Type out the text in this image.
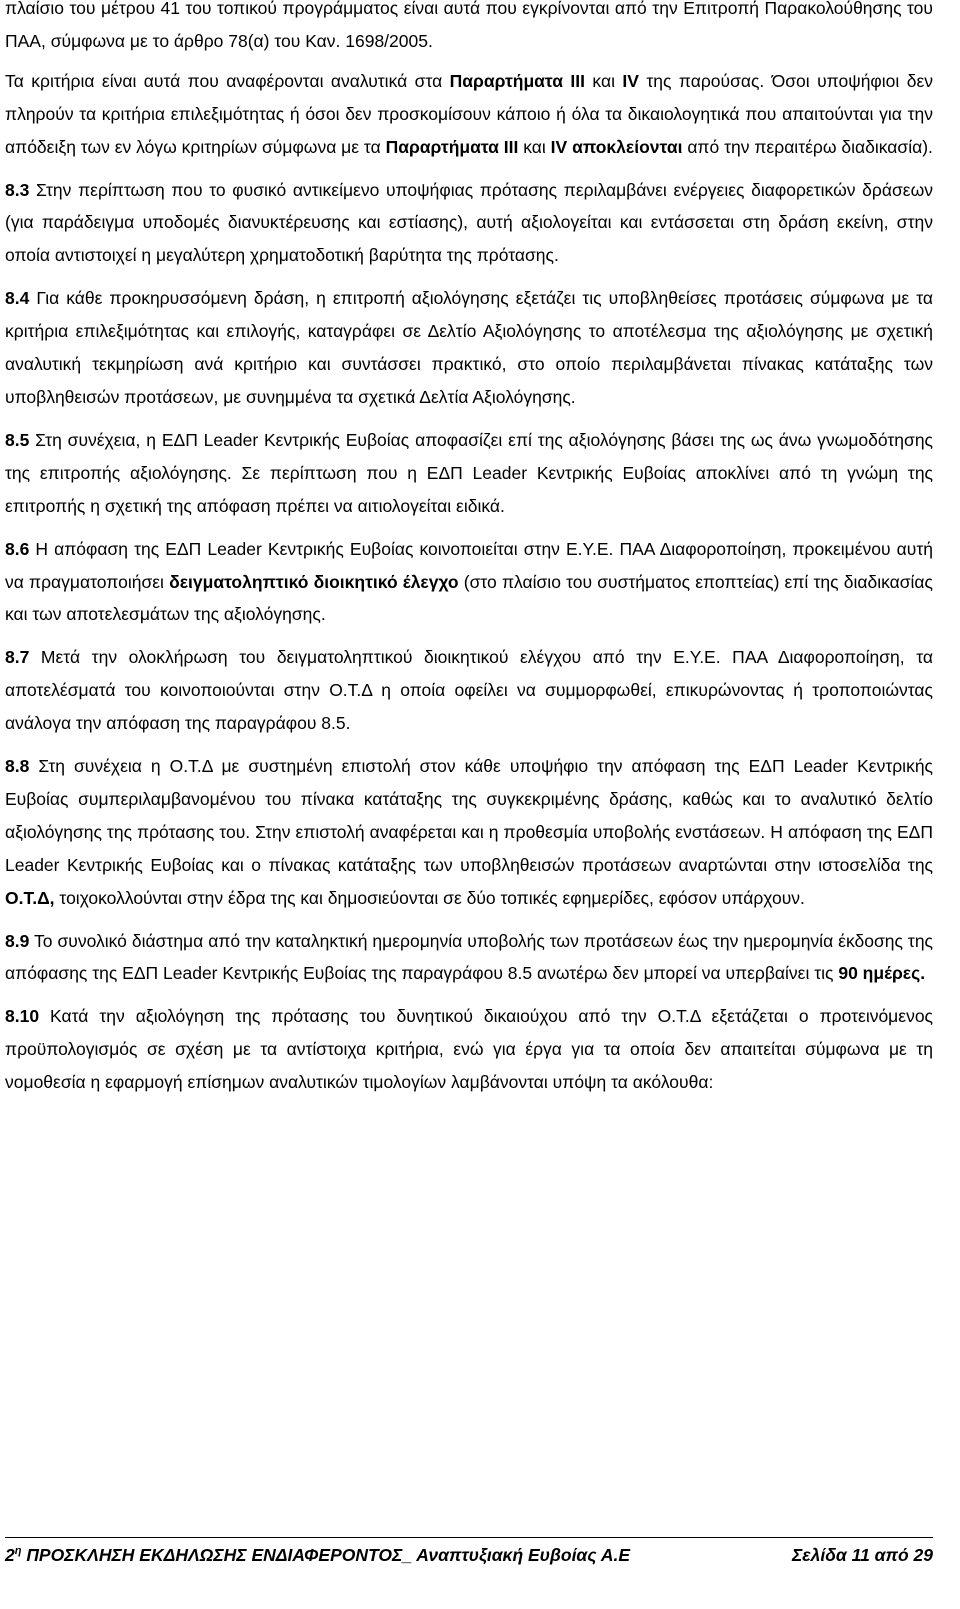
πλαίσιο του μέτρου 41 του τοπικού προγράμματος είναι αυτά που εγκρίνονται από την Επιτροπή Παρακολούθησης του ΠΑΑ, σύμφωνα με το άρθρο 78(α) του Καν. 1698/2005.

Τα κριτήρια είναι αυτά που αναφέρονται αναλυτικά στα Παραρτήματα ΙΙΙ και IV της παρούσας. Όσοι υποψήφιοι δεν πληρούν τα κριτήρια επιλεξιμότητας ή όσοι δεν προσκομίσουν κάποιο ή όλα τα δικαιολογητικά που απαιτούνται για την απόδειξη των εν λόγω κριτηρίων σύμφωνα με τα Παραρτήματα ΙΙΙ και IV αποκλείονται από την περαιτέρω διαδικασία).

8.3 Στην περίπτωση που το φυσικό αντικείμενο υποψήφιας πρότασης περιλαμβάνει ενέργειες διαφορετικών δράσεων (για παράδειγμα υποδομές διανυκτέρευσης και εστίασης), αυτή αξιολογείται και εντάσσεται στη δράση εκείνη, στην οποία αντιστοιχεί η μεγαλύτερη χρηματοδοτική βαρύτητα της πρότασης.

8.4 Για κάθε προκηρυσσόμενη δράση, η επιτροπή αξιολόγησης εξετάζει τις υποβληθείσες προτάσεις σύμφωνα με τα κριτήρια επιλεξιμότητας και επιλογής, καταγράφει σε Δελτίο Αξιολόγησης το αποτέλεσμα της αξιολόγησης με σχετική αναλυτική τεκμηρίωση ανά κριτήριο και συντάσσει πρακτικό, στο οποίο περιλαμβάνεται πίνακας κατάταξης των υποβληθεισών προτάσεων, με συνημμένα τα σχετικά Δελτία Αξιολόγησης.

8.5 Στη συνέχεια, η ΕΔΠ Leader Κεντρικής Ευβοίας αποφασίζει επί της αξιολόγησης βάσει της ως άνω γνωμοδότησης της επιτροπής αξιολόγησης. Σε περίπτωση που η ΕΔΠ Leader Κεντρικής Ευβοίας αποκλίνει από τη γνώμη της επιτροπής η σχετική της απόφαση πρέπει να αιτιολογείται ειδικά.

8.6 Η απόφαση της ΕΔΠ Leader Κεντρικής Ευβοίας κοινοποιείται στην Ε.Υ.Ε. ΠΑΑ Διαφοροποίηση, προκειμένου αυτή να πραγματοποιήσει δειγματοληπτικό διοικητικό έλεγχο (στο πλαίσιο του συστήματος εποπτείας) επί της διαδικασίας και των αποτελεσμάτων της αξιολόγησης.

8.7 Μετά την ολοκλήρωση του δειγματοληπτικού διοικητικού ελέγχου από την Ε.Υ.Ε. ΠΑΑ Διαφοροποίηση, τα αποτελέσματά του κοινοποιούνται στην Ο.Τ.Δ η οποία οφείλει να συμμορφωθεί, επικυρώνοντας ή τροποποιώντας ανάλογα την απόφαση της παραγράφου 8.5.

8.8 Στη συνέχεια η Ο.Τ.Δ με συστημένη επιστολή στον κάθε υποψήφιο την απόφαση της ΕΔΠ Leader Κεντρικής Ευβοίας συμπεριλαμβανομένου του πίνακα κατάταξης της συγκεκριμένης δράσης, καθώς και το αναλυτικό δελτίο αξιολόγησης της πρότασης του. Στην επιστολή αναφέρεται και η προθεσμία υποβολής ενστάσεων. Η απόφαση της ΕΔΠ Leader Κεντρικής Ευβοίας και ο πίνακας κατάταξης των υποβληθεισών προτάσεων αναρτώνται στην ιστοσελίδα της Ο.Τ.Δ, τοιχοκολλούνται στην έδρα της και δημοσιεύονται σε δύο τοπικές εφημερίδες, εφόσον υπάρχουν.

8.9 Το συνολικό διάστημα από την καταληκτική ημερομηνία υποβολής των προτάσεων έως την ημερομηνία έκδοσης της απόφασης της ΕΔΠ Leader Κεντρικής Ευβοίας της παραγράφου 8.5 ανωτέρω δεν μπορεί να υπερβαίνει τις 90 ημέρες.

8.10 Κατά την αξιολόγηση της πρότασης του δυνητικού δικαιούχου από την Ο.Τ.Δ εξετάζεται ο προτεινόμενος προϋπολογισμός σε σχέση με τα αντίστοιχα κριτήρια, ενώ για έργα για τα οποία δεν απαιτείται σύμφωνα με τη νομοθεσία η εφαρμογή επίσημων αναλυτικών τιμολογίων λαμβάνονται υπόψη τα ακόλουθα:

$2^\eta$ ΠΡΟΣΚΛΗΣΗ ΕΚΔΗΛΩΣΗΣ ΕΝΔΙΑΦΕΡΟΝΤΟΣ_ Αναπτυξιακή Ευβοίας Α.Ε	Σελίδα 11 από 29
